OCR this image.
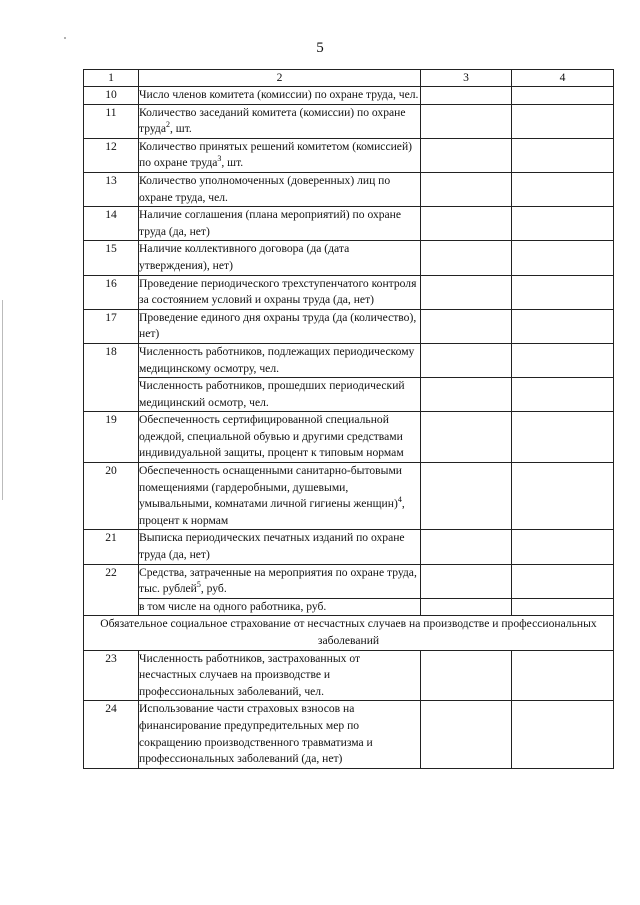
5
1	2	3	4
10	Число членов комитета (комиссии) по охране труда, чел.		
11	Количество заседаний комитета (комиссии) по охране труда$^2$, шт.		
12	Количество принятых решений комитетом (комиссией) по охране труда$^3$, шт.		
13	Количество уполномоченных (доверенных) лиц по охране труда, чел.		
14	Наличие соглашения (плана мероприятий) по охране труда (да, нет)		
15	Наличие коллективного договора (да (дата утверждения), нет)		
16	Проведение периодического трехступенчатого контроля за состоянием условий и охраны труда (да, нет)		
17	Проведение единого дня охраны труда (да (количество), нет)		
18	Численность работников, подлежащих периодическому медицинскому осмотру, чел.		
	Численность работников, прошедших периодический медицинский осмотр, чел.		
19	Обеспеченность сертифицированной специальной одеждой, специальной обувью и другими средствами индивидуальной защиты, процент к типовым нормам		
20	Обеспеченность оснащенными санитарно-бытовыми помещениями (гардеробными, душевыми, умывальными, комнатами личной гигиены женщин)$^4$, процент к нормам		
21	Выписка периодических печатных изданий по охране труда (да, нет)		
22	Средства, затраченные на мероприятия по охране труда, тыс. рублей$^5$, руб.		
	в том числе на одного работника, руб.		
Обязательное социальное страхование от несчастных случаев на производстве и профессиональных заболеваний			
23	Численность работников, застрахованных от несчастных случаев на производстве и профессиональных заболеваний, чел.		
24	Использование части страховых взносов на финансирование предупредительных мер по сокращению производственного травматизма и профессиональных заболеваний (да, нет)		
